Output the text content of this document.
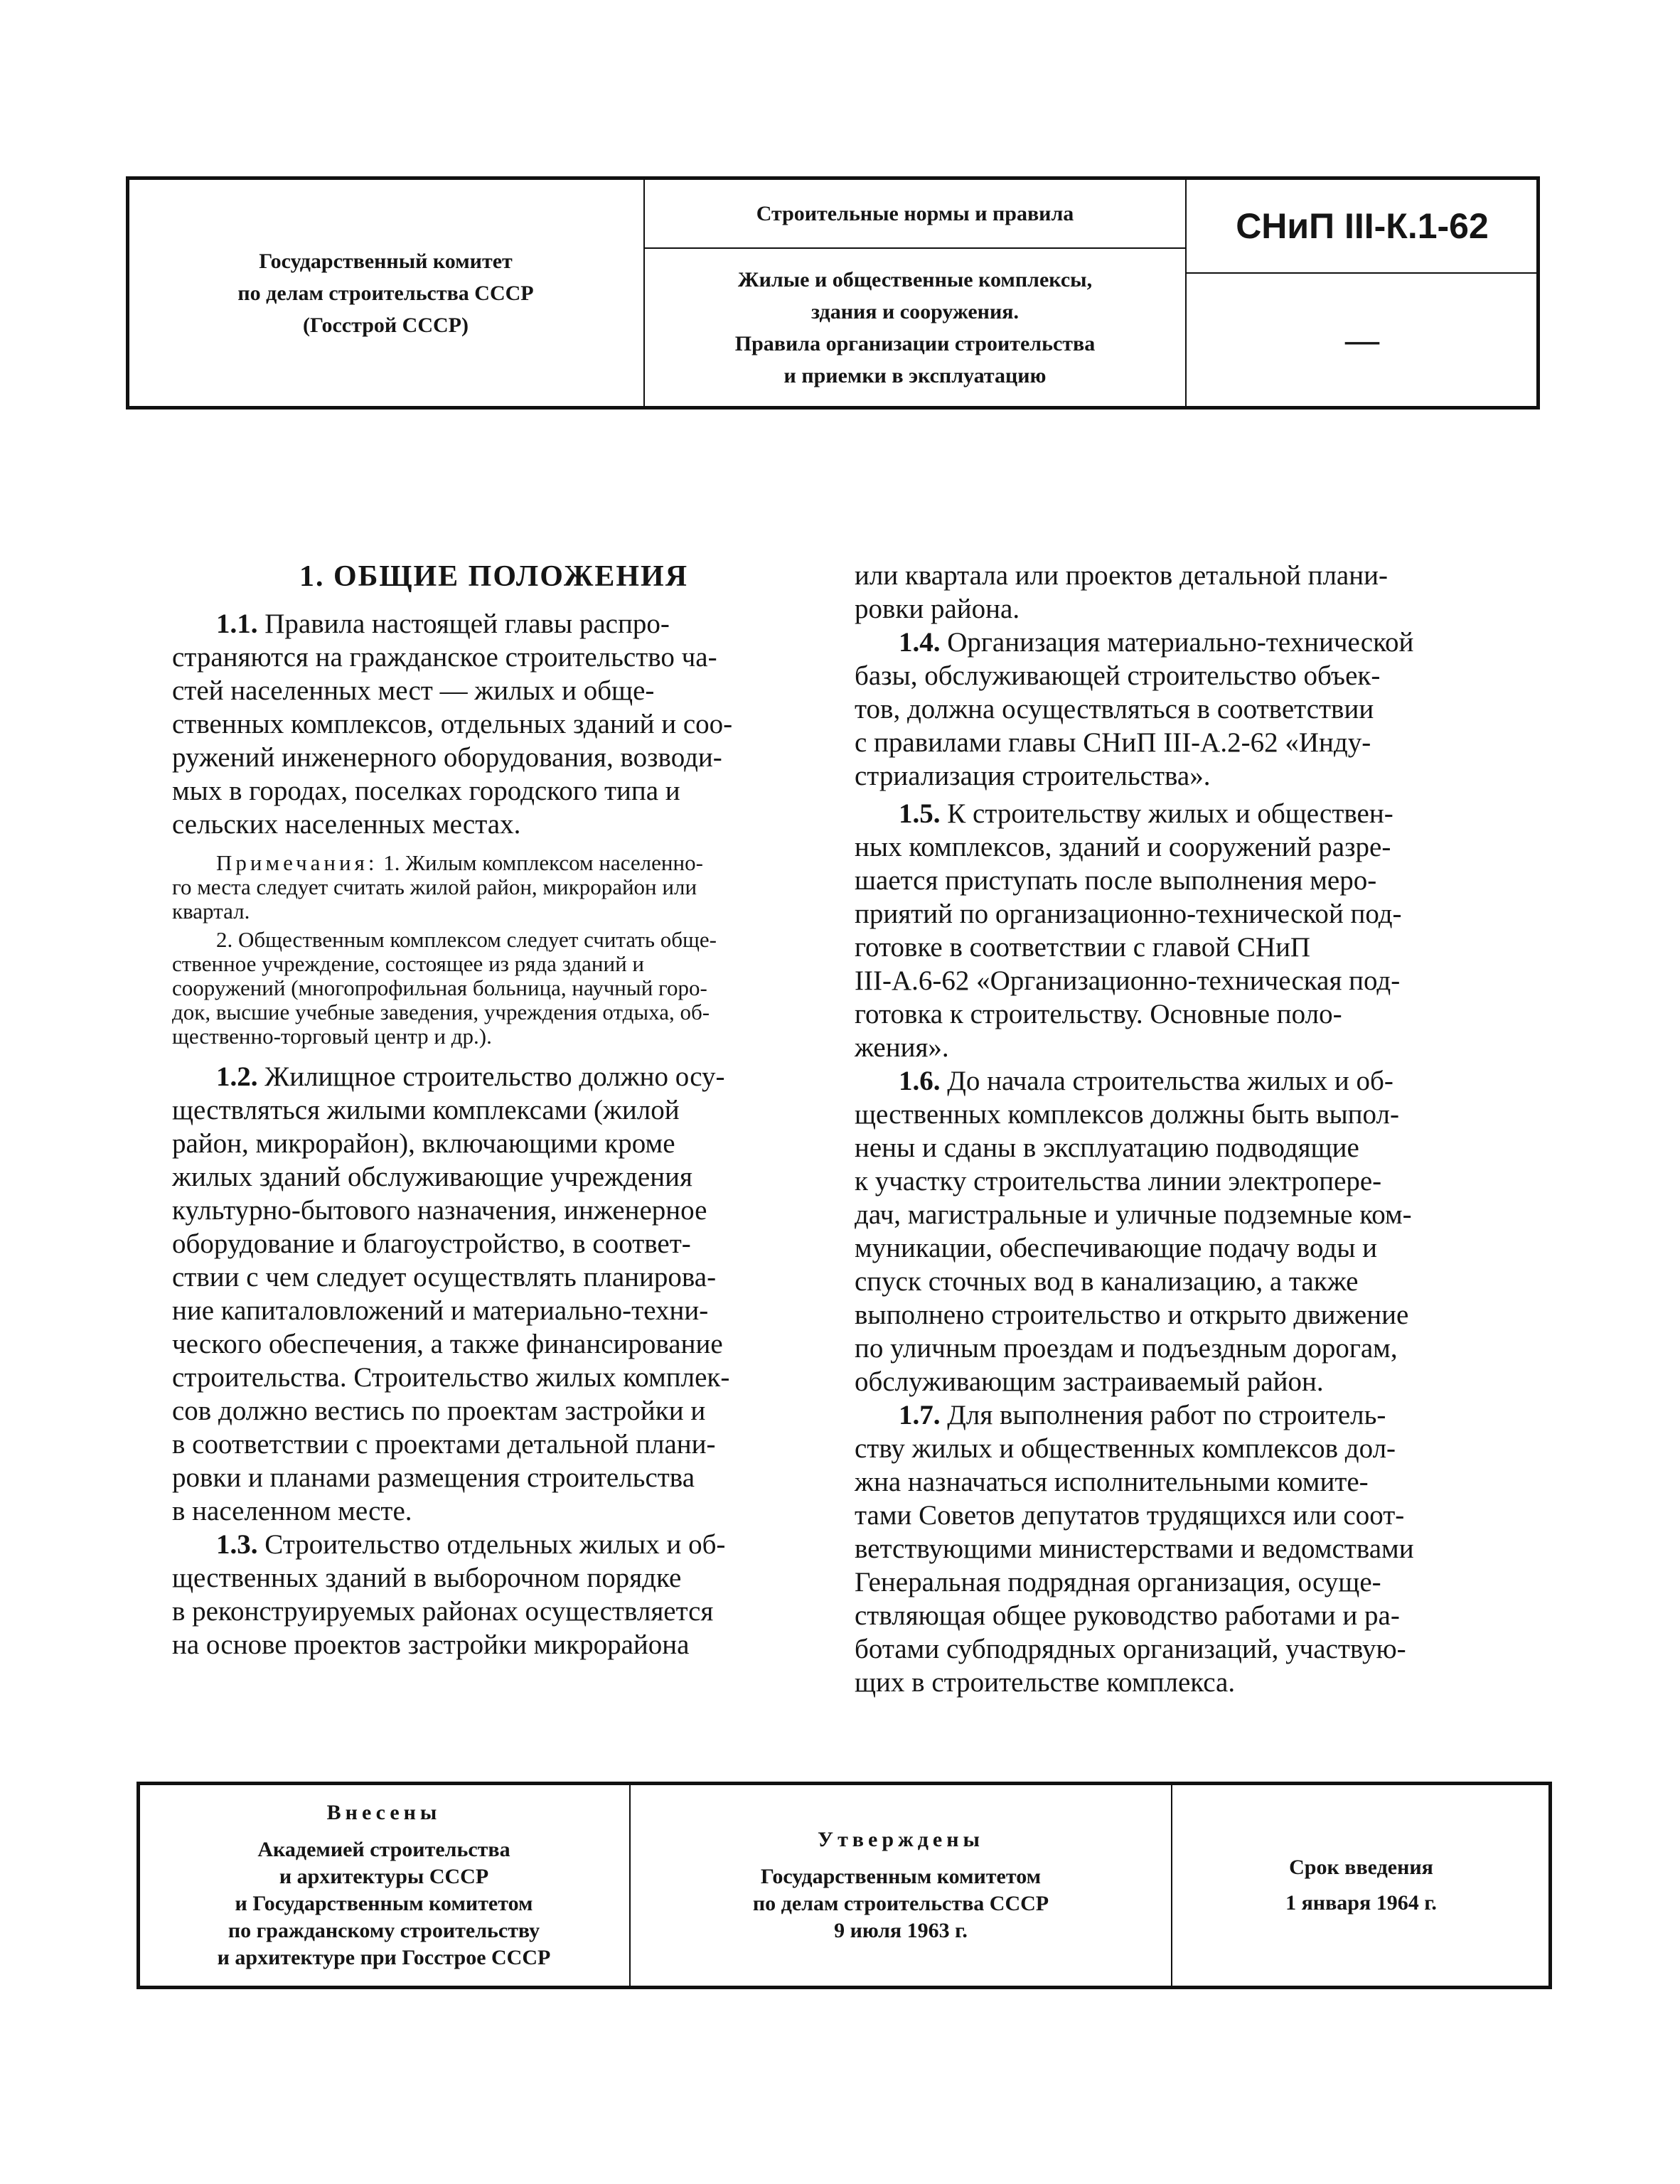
Государственный комитет
по делам строительства СССР
(Госстрой СССР)
Строительные нормы и правила
Жилые и общественные комплексы,
здания и сооружения.
Правила организации строительства
и приемки в эксплуатацию
СНиП III-К.1-62
—
1. ОБЩИЕ ПОЛОЖЕНИЯ

1.1. Правила настоящей главы распро-

страняются на гражданское строительство ча-

стей населенных мест — жилых и обще-

ственных комплексов, отдельных зданий и соо-

ружений инженерного оборудования, возводи-

мых в городах, поселках городского типа и

сельских населенных местах.

Примечания: 1. Жилым комплексом населенно-

го места следует считать жилой район, микрорайон или

квартал.

2. Общественным комплексом следует считать обще-

ственное учреждение, состоящее из ряда зданий и

сооружений (многопрофильная больница, научный горо-

док, высшие учебные заведения, учреждения отдыха, об-

щественно-торговый центр и др.).

1.2. Жилищное строительство должно осу-

ществляться жилыми комплексами (жилой

район, микрорайон), включающими кроме

жилых зданий обслуживающие учреждения

культурно-бытового назначения, инженерное

оборудование и благоустройство, в соответ-

ствии с чем следует осуществлять планирова-

ние капиталовложений и материально-техни-

ческого обеспечения, а также финансирование

строительства. Строительство жилых комплек-

сов должно вестись по проектам застройки и

в соответствии с проектами детальной плани-

ровки и планами размещения строительства

в населенном месте.

1.3. Строительство отдельных жилых и об-

щественных зданий в выборочном порядке

в реконструируемых районах осуществляется

на основе проектов застройки микрорайона

или квартала или проектов детальной плани-

ровки района.

1.4. Организация материально-технической

базы, обслуживающей строительство объек-

тов, должна осуществляться в соответствии

с правилами главы СНиП III-А.2-62 «Инду-

стриализация строительства».

1.5. К строительству жилых и обществен-

ных комплексов, зданий и сооружений разре-

шается приступать после выполнения меро-

приятий по организационно-технической под-

готовке в соответствии с главой СНиП

III-А.6-62 «Организационно-техническая под-

готовка к строительству. Основные поло-

жения».

1.6. До начала строительства жилых и об-

щественных комплексов должны быть выпол-

нены и сданы в эксплуатацию подводящие

к участку строительства линии электропере-

дач, магистральные и уличные подземные ком-

муникации, обеспечивающие подачу воды и

спуск сточных вод в канализацию, а также

выполнено строительство и открыто движение

по уличным проездам и подъездным дорогам,

обслуживающим застраиваемый район.

1.7. Для выполнения работ по строитель-

ству жилых и общественных комплексов дол-

жна назначаться исполнительными комите-

тами Советов депутатов трудящихся или соот-

ветствующими министерствами и ведомствами

Генеральная подрядная организация, осуще-

ствляющая общее руководство работами и ра-

ботами субподрядных организаций, участвую-

щих в строительстве комплекса.

Внесены
Академией строительства
и архитектуры СССР
и Государственным комитетом
по гражданскому строительству
и архитектуре при Госстрое СССР
Утверждены
Государственным комитетом
по делам строительства СССР
9 июля 1963 г.
Срок введения
1 января 1964 г.
